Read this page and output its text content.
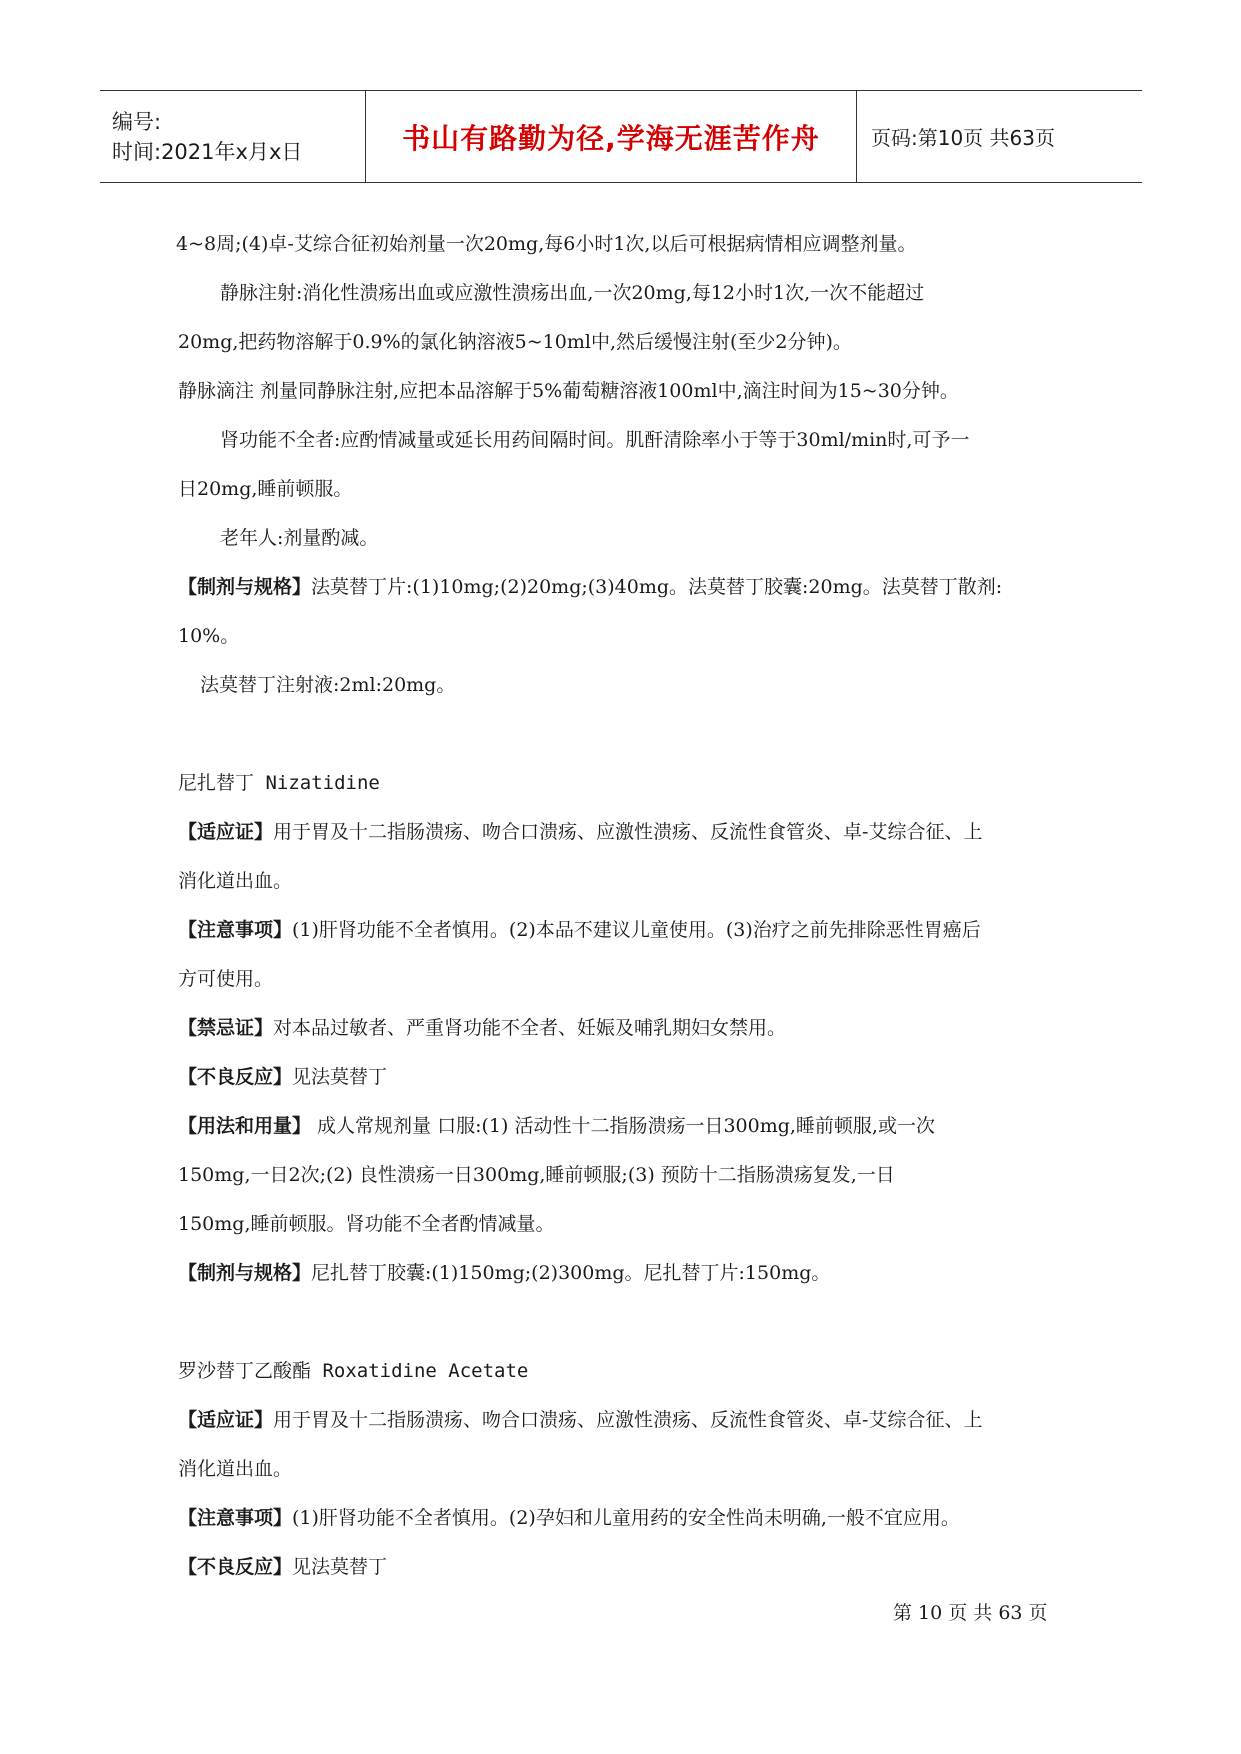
编号:
时间:2021年x月x日	书山有路勤为径,学海无涯苦作舟	页码:第10页 共63页

4~8周;(4)卓-艾综合征初始剂量一次20mg,每6小时1次,以后可根据病情相应调整剂量。

静脉注射:消化性溃疡出血或应激性溃疡出血,一次20mg,每12小时1次,一次不能超过

20mg,把药物溶解于0.9%的氯化钠溶液5~10ml中,然后缓慢注射(至少2分钟)。

静脉滴注 剂量同静脉注射,应把本品溶解于5%葡萄糖溶液100ml中,滴注时间为15~30分钟。

肾功能不全者:应酌情减量或延长用药间隔时间。肌酐清除率小于等于30ml/min时,可予一

日20mg,睡前顿服。

老年人:剂量酌减。

【制剂与规格】法莫替丁片:(1)10mg;(2)20mg;(3)40mg。法莫替丁胶囊:20mg。法莫替丁散剂:

10%。

法莫替丁注射液:2ml:20mg。

尼扎替丁 Nizatidine

【适应证】用于胃及十二指肠溃疡、吻合口溃疡、应激性溃疡、反流性食管炎、卓-艾综合征、上

消化道出血。

【注意事项】(1)肝肾功能不全者慎用。(2)本品不建议儿童使用。(3)治疗之前先排除恶性胃癌后

方可使用。

【禁忌证】对本品过敏者、严重肾功能不全者、妊娠及哺乳期妇女禁用。

【不良反应】见法莫替丁

【用法和用量】 成人常规剂量 口服:(1) 活动性十二指肠溃疡一日300mg,睡前顿服,或一次

150mg,一日2次;(2) 良性溃疡一日300mg,睡前顿服;(3) 预防十二指肠溃疡复发,一日

150mg,睡前顿服。肾功能不全者酌情减量。

【制剂与规格】尼扎替丁胶囊:(1)150mg;(2)300mg。尼扎替丁片:150mg。

罗沙替丁乙酸酯 Roxatidine Acetate

【适应证】用于胃及十二指肠溃疡、吻合口溃疡、应激性溃疡、反流性食管炎、卓-艾综合征、上

消化道出血。

【注意事项】(1)肝肾功能不全者慎用。(2)孕妇和儿童用药的安全性尚未明确,一般不宜应用。

【不良反应】见法莫替丁

第 10 页 共 63 页
